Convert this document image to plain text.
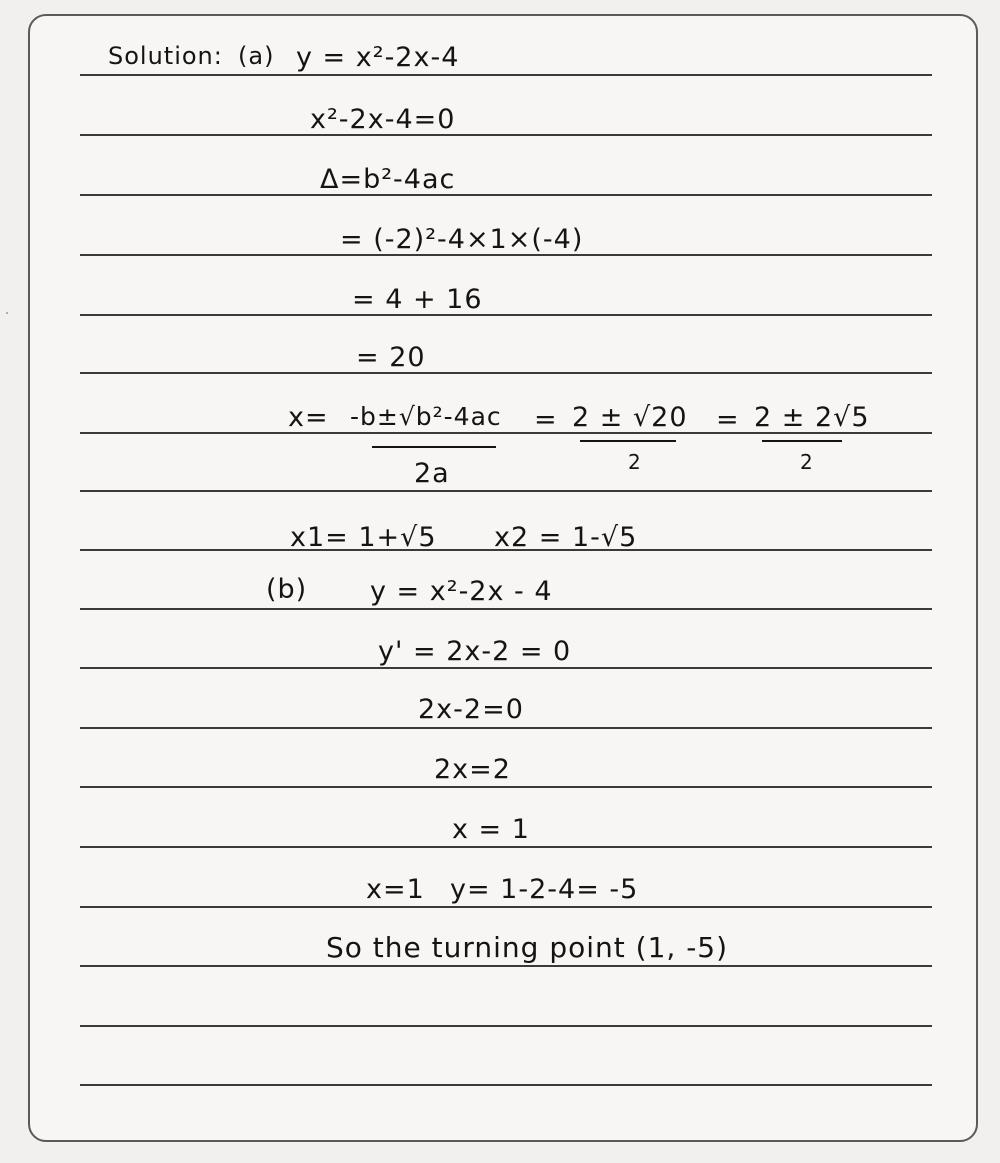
Solution: (a) y = x²-2x-4
x²-2x-4=0
Δ=b²-4ac
= (-2)²-4×1×(-4)
= 4 + 16
= 20
x= -b±√b²-4ac
2a
= 2 ± √20
2
= 2 ± 2√5
2
x1= 1+√5 x2 = 1-√5
(b) y = x²-2x - 4
y' = 2x-2 = 0
2x-2=0
2x=2
x = 1
x=1 y= 1-2-4= -5
So the turning point (1, -5)
